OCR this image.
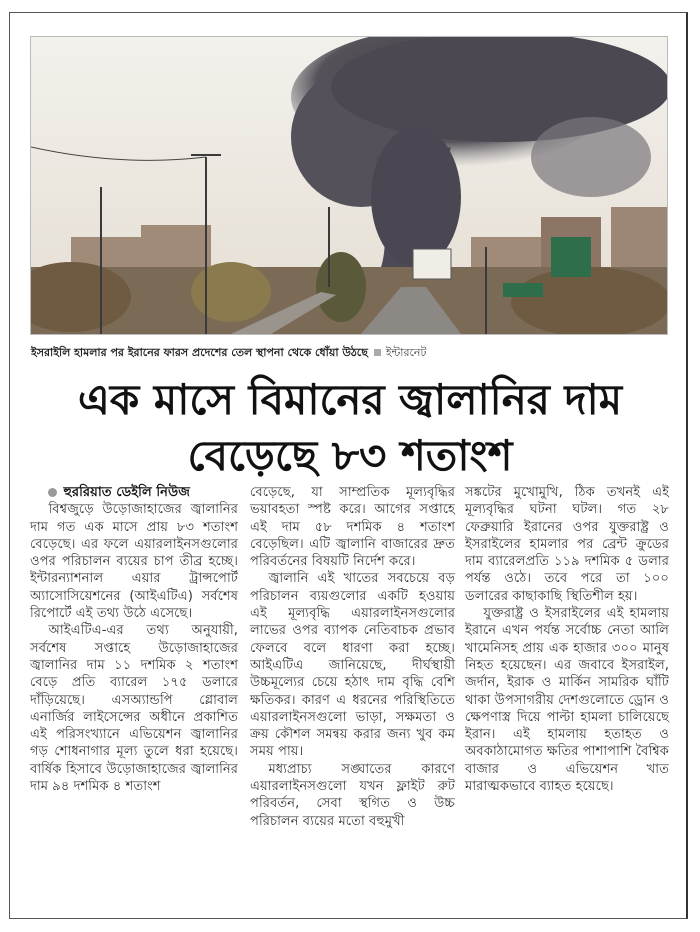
ইসরাইলি হামলার পর ইরানের ফারস প্রদেশের তেল স্থাপনা থেকে ধোঁয়া উঠছে ইন্টারনেট
এক মাসে বিমানের জ্বালানির দাম
বেড়েছে ৮৩ শতাংশ

হুররিয়াত ডেইলি নিউজ

বিশ্বজুড়ে উড়োজাহাজের জ্বালানির দাম গত এক মাসে প্রায় ৮৩ শতাংশ বেড়েছে। এর ফলে এয়ারলাইনসগুলোর ওপর পরিচালন ব্যয়ের চাপ তীব্র হচ্ছে। ইন্টারন্যাশনাল এয়ার ট্রান্সপোর্ট অ্যাসোসিয়েশনের (আইএটিএ) সর্বশেষ রিপোর্টে এই তথ্য উঠে এসেছে।

আইএটিএ-এর তথ্য অনুযায়ী, সর্বশেষ সপ্তাহে উড়োজাহাজের জ্বালানির দাম ১১ দশমিক ২ শতাংশ বেড়ে প্রতি ব্যারেল ১৭৫ ডলারে দাঁড়িয়েছে। এসঅ্যান্ডপি গ্লোবাল এনার্জির লাইসেন্সের অধীনে প্রকাশিত এই পরিসংখ্যানে এভিয়েশন জ্বালানির গড় শোধনাগার মূল্য তুলে ধরা হয়েছে। বার্ষিক হিসাবে উড়োজাহাজের জ্বালানির দাম ৯৪ দশমিক ৪ শতাংশ

বেড়েছে, যা সাম্প্রতিক মূল্যবৃদ্ধির ভয়াবহতা স্পষ্ট করে। আগের সপ্তাহে এই দাম ৫৮ দশমিক ৪ শতাংশ বেড়েছিল। এটি জ্বালানি বাজারের দ্রুত পরিবর্তনের বিষয়টি নির্দেশ করে।

জ্বালানি এই খাতের সবচেয়ে বড় পরিচালন ব্যয়গুলোর একটি হওয়ায় এই মূল্যবৃদ্ধি এয়ারলাইনসগুলোর লাভের ওপর ব্যাপক নেতিবাচক প্রভাব ফেলবে বলে ধারণা করা হচ্ছে। আইএটিএ জানিয়েছে, দীর্ঘস্থায়ী উচ্চমূল্যের চেয়ে হঠাৎ দাম বৃদ্ধি বেশি ক্ষতিকর। কারণ এ ধরনের পরিস্থিতিতে এয়ারলাইনসগুলো ভাড়া, সক্ষমতা ও ক্রয় কৌশল সমন্বয় করার জন্য খুব কম সময় পায়।

মধ্যপ্রাচ্য সঙ্ঘাতের কারণে এয়ারলাইনসগুলো যখন ফ্লাইট রুট পরিবর্তন, সেবা স্থগিত ও উচ্চ পরিচালন ব্যয়ের মতো বহুমুখী

সঙ্কটের মুখোমুখি, ঠিক তখনই এই মূল্যবৃদ্ধির ঘটনা ঘটল। গত ২৮ ফেব্রুয়ারি ইরানের ওপর যুক্তরাষ্ট্র ও ইসরাইলের হামলার পর ব্রেন্ট ক্রুডের দাম ব্যারেলপ্রতি ১১৯ দশমিক ৫ ডলার পর্যন্ত ওঠে। তবে পরে তা ১০০ ডলারের কাছাকাছি স্থিতিশীল হয়।

যুক্তরাষ্ট্র ও ইসরাইলের এই হামলায় ইরানে এখন পর্যন্ত সর্বোচ্চ নেতা আলি খামেনিসহ প্রায় এক হাজার ৩০০ মানুষ নিহত হয়েছেন। এর জবাবে ইসরাইল, জর্দান, ইরাক ও মার্কিন সামরিক ঘাঁটি থাকা উপসাগরীয় দেশগুলোতে ড্রোন ও ক্ষেপণাস্ত্র দিয়ে পাল্টা হামলা চালিয়েছে ইরান। এই হামলায় হতাহত ও অবকাঠামোগত ক্ষতির পাশাপাশি বৈশ্বিক বাজার ও এভিয়েশন খাত মারাত্মকভাবে ব্যাহত হয়েছে।
